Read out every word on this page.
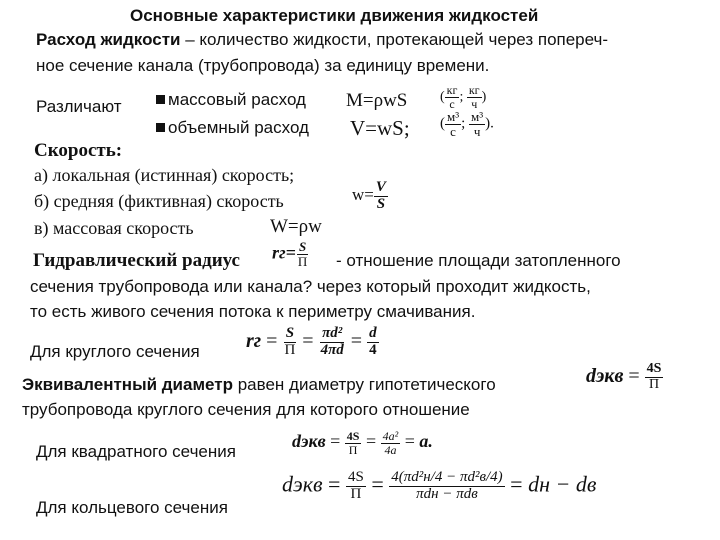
Основные характеристики движения жидкостей
Расход жидкости – количество жидкости, протекающей через попереч-
ное сечение канала (трубопровода) за единицу времени.
Различают	массовый расход M=ρwS ( $\frac{кг}{с}$ ; $\frac{кг}{ч}$ )
объемный расход V=wS; ( $\frac{\text{м³}}{с}$ ; $\frac{\text{м³}}{ч}$ ).
Скорость:
а) локальная (истинная) скорость;
б) средняя (фиктивная) скорость	$w= \frac{V}{S}$
в) массовая скорость	W=ρw
Гидравлический радиус $rг= \frac{S}{П}$ - отношение площади затопленного
сечения трубопровода или канала? через который проходит жидкость,
то есть живого сечения потока к периметру смачивания.
Для круглого сечения rг = $\frac{S}{П} = \frac{\text{πd²}}{4\pi d} = \frac{d}{4}$
Эквивалентный диаметр равен диаметру гипотетического
трубопровода круглого сечения для которого отношение
dэкв = $\frac{4S}{П}$
Для квадратного сечения
dэкв = $\frac{4S}{П} = \frac{\text{4a²}}{4a} = a$.
Для кольцевого сечения
dэкв = $\frac{4S}{П} = \frac{\text{4(πd²н/4 − πd²в/4)}}{\text{πdн − πdв}}$ = dн − dв
